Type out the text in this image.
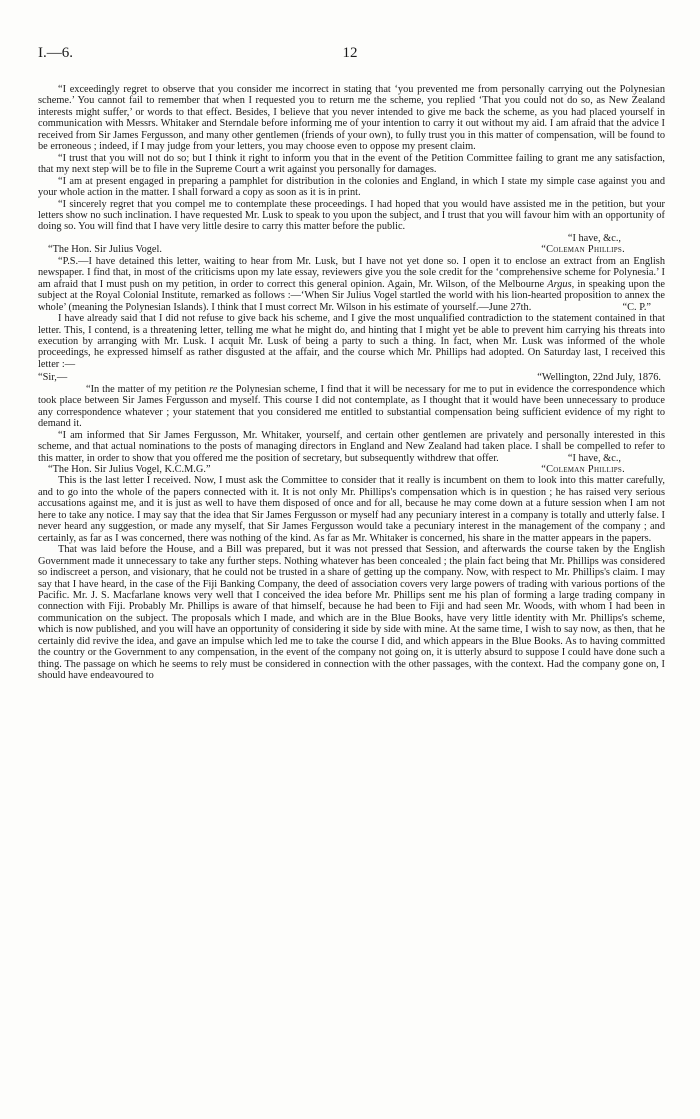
I.—6.	12

“I exceedingly regret to observe that you consider me incorrect in stating that ‘you prevented me from personally carrying out the Polynesian scheme.’ You cannot fail to remember that when I requested you to return me the scheme, you replied ‘That you could not do so, as New Zealand interests might suffer,’ or words to that effect. Besides, I believe that you never intended to give me back the scheme, as you had placed yourself in communication with Messrs. Whitaker and Sterndale before informing me of your intention to carry it out without my aid. I am afraid that the advice I received from Sir James Fergusson, and many other gentlemen (friends of your own), to fully trust you in this matter of compensation, will be found to be erroneous ; indeed, if I may judge from your letters, you may choose even to oppose my present claim.

“I trust that you will not do so; but I think it right to inform you that in the event of the Petition Committee failing to grant me any satisfaction, that my next step will be to file in the Supreme Court a writ against you personally for damages.

“I am at present engaged in preparing a pamphlet for distribution in the colonies and England, in which I state my simple case against you and your whole action in the matter. I shall forward a copy as soon as it is in print.

“I sincerely regret that you compel me to contemplate these proceedings. I had hoped that you would have assisted me in the petition, but your letters show no such inclination. I have requested Mr. Lusk to speak to you upon the subject, and I trust that you will favour him with an opportunity of doing so. You will find that I have very little desire to carry this matter before the public.

“I have, &c.,

“The Hon. Sir Julius Vogel.	“Coleman Phillips.

“P.S.—I have detained this letter, waiting to hear from Mr. Lusk, but I have not yet done so. I open it to enclose an extract from an English newspaper. I find that, in most of the criticisms upon my late essay, reviewers give you the sole credit for the ‘comprehensive scheme for Polynesia.’ I am afraid that I must push on my petition, in order to correct this general opinion. Again, Mr. Wilson, of the Melbourne Argus, in speaking upon the subject at the Royal Colonial Institute, remarked as follows :—‘When Sir Julius Vogel startled the world with his lion-hearted proposition to annex the whole’ (meaning the Polynesian Islands). I think that I must correct Mr. Wilson in his estimate of yourself.—June 27th.	“C. P.”

I have already said that I did not refuse to give back his scheme, and I give the most unqualified contradiction to the statement contained in that letter. This, I contend, is a threatening letter, telling me what he might do, and hinting that I might yet be able to prevent him carrying his threats into execution by arranging with Mr. Lusk. I acquit Mr. Lusk of being a party to such a thing. In fact, when Mr. Lusk was informed of the whole proceedings, he expressed himself as rather disgusted at the affair, and the course which Mr. Phillips had adopted. On Saturday last, I received this letter :—

“Sir,—	“Wellington, 22nd July, 1876.

“In the matter of my petition re the Polynesian scheme, I find that it will be necessary for me to put in evidence the correspondence which took place between Sir James Fergusson and myself. This course I did not contemplate, as I thought that it would have been unnecessary to produce any correspondence whatever ; your statement that you considered me entitled to substantial compensation being sufficient evidence of my right to demand it.

“I am informed that Sir James Fergusson, Mr. Whitaker, yourself, and certain other gentlemen are privately and personally interested in this scheme, and that actual nominations to the posts of managing directors in England and New Zealand had taken place. I shall be compelled to refer to this matter, in order to show that you offered me the position of secretary, but subsequently withdrew that offer.	“I have, &c.,

“The Hon. Sir Julius Vogel, K.C.M.G.”	“Coleman Phillips.

This is the last letter I received. Now, I must ask the Committee to consider that it really is incumbent on them to look into this matter carefully, and to go into the whole of the papers connected with it. It is not only Mr. Phillips's compensation which is in question ; he has raised very serious accusations against me, and it is just as well to have them disposed of once and for all, because he may come down at a future session when I am not here to take any notice. I may say that the idea that Sir James Fergusson or myself had any pecuniary interest in a company is totally and utterly false. I never heard any suggestion, or made any myself, that Sir James Fergusson would take a pecuniary interest in the management of the company ; and certainly, as far as I was concerned, there was nothing of the kind. As far as Mr. Whitaker is concerned, his share in the matter appears in the papers.

That was laid before the House, and a Bill was prepared, but it was not pressed that Session, and afterwards the course taken by the English Government made it unnecessary to take any further steps. Nothing whatever has been concealed ; the plain fact being that Mr. Phillips was considered so indiscreet a person, and visionary, that he could not be trusted in a share of getting up the company. Now, with respect to Mr. Phillips's claim. I may say that I have heard, in the case of the Fiji Banking Company, the deed of association covers very large powers of trading with various portions of the Pacific. Mr. J. S. Macfarlane knows very well that I conceived the idea before Mr. Phillips sent me his plan of forming a large trading company in connection with Fiji. Probably Mr. Phillips is aware of that himself, because he had been to Fiji and had seen Mr. Woods, with whom I had been in communication on the subject. The proposals which I made, and which are in the Blue Books, have very little identity with Mr. Phillips's scheme, which is now published, and you will have an opportunity of considering it side by side with mine. At the same time, I wish to say now, as then, that he certainly did revive the idea, and gave an impulse which led me to take the course I did, and which appears in the Blue Books. As to having committed the country or the Government to any compensation, in the event of the company not going on, it is utterly absurd to suppose I could have done such a thing. The passage on which he seems to rely must be considered in connection with the other passages, with the context. Had the company gone on, I should have endeavoured to
